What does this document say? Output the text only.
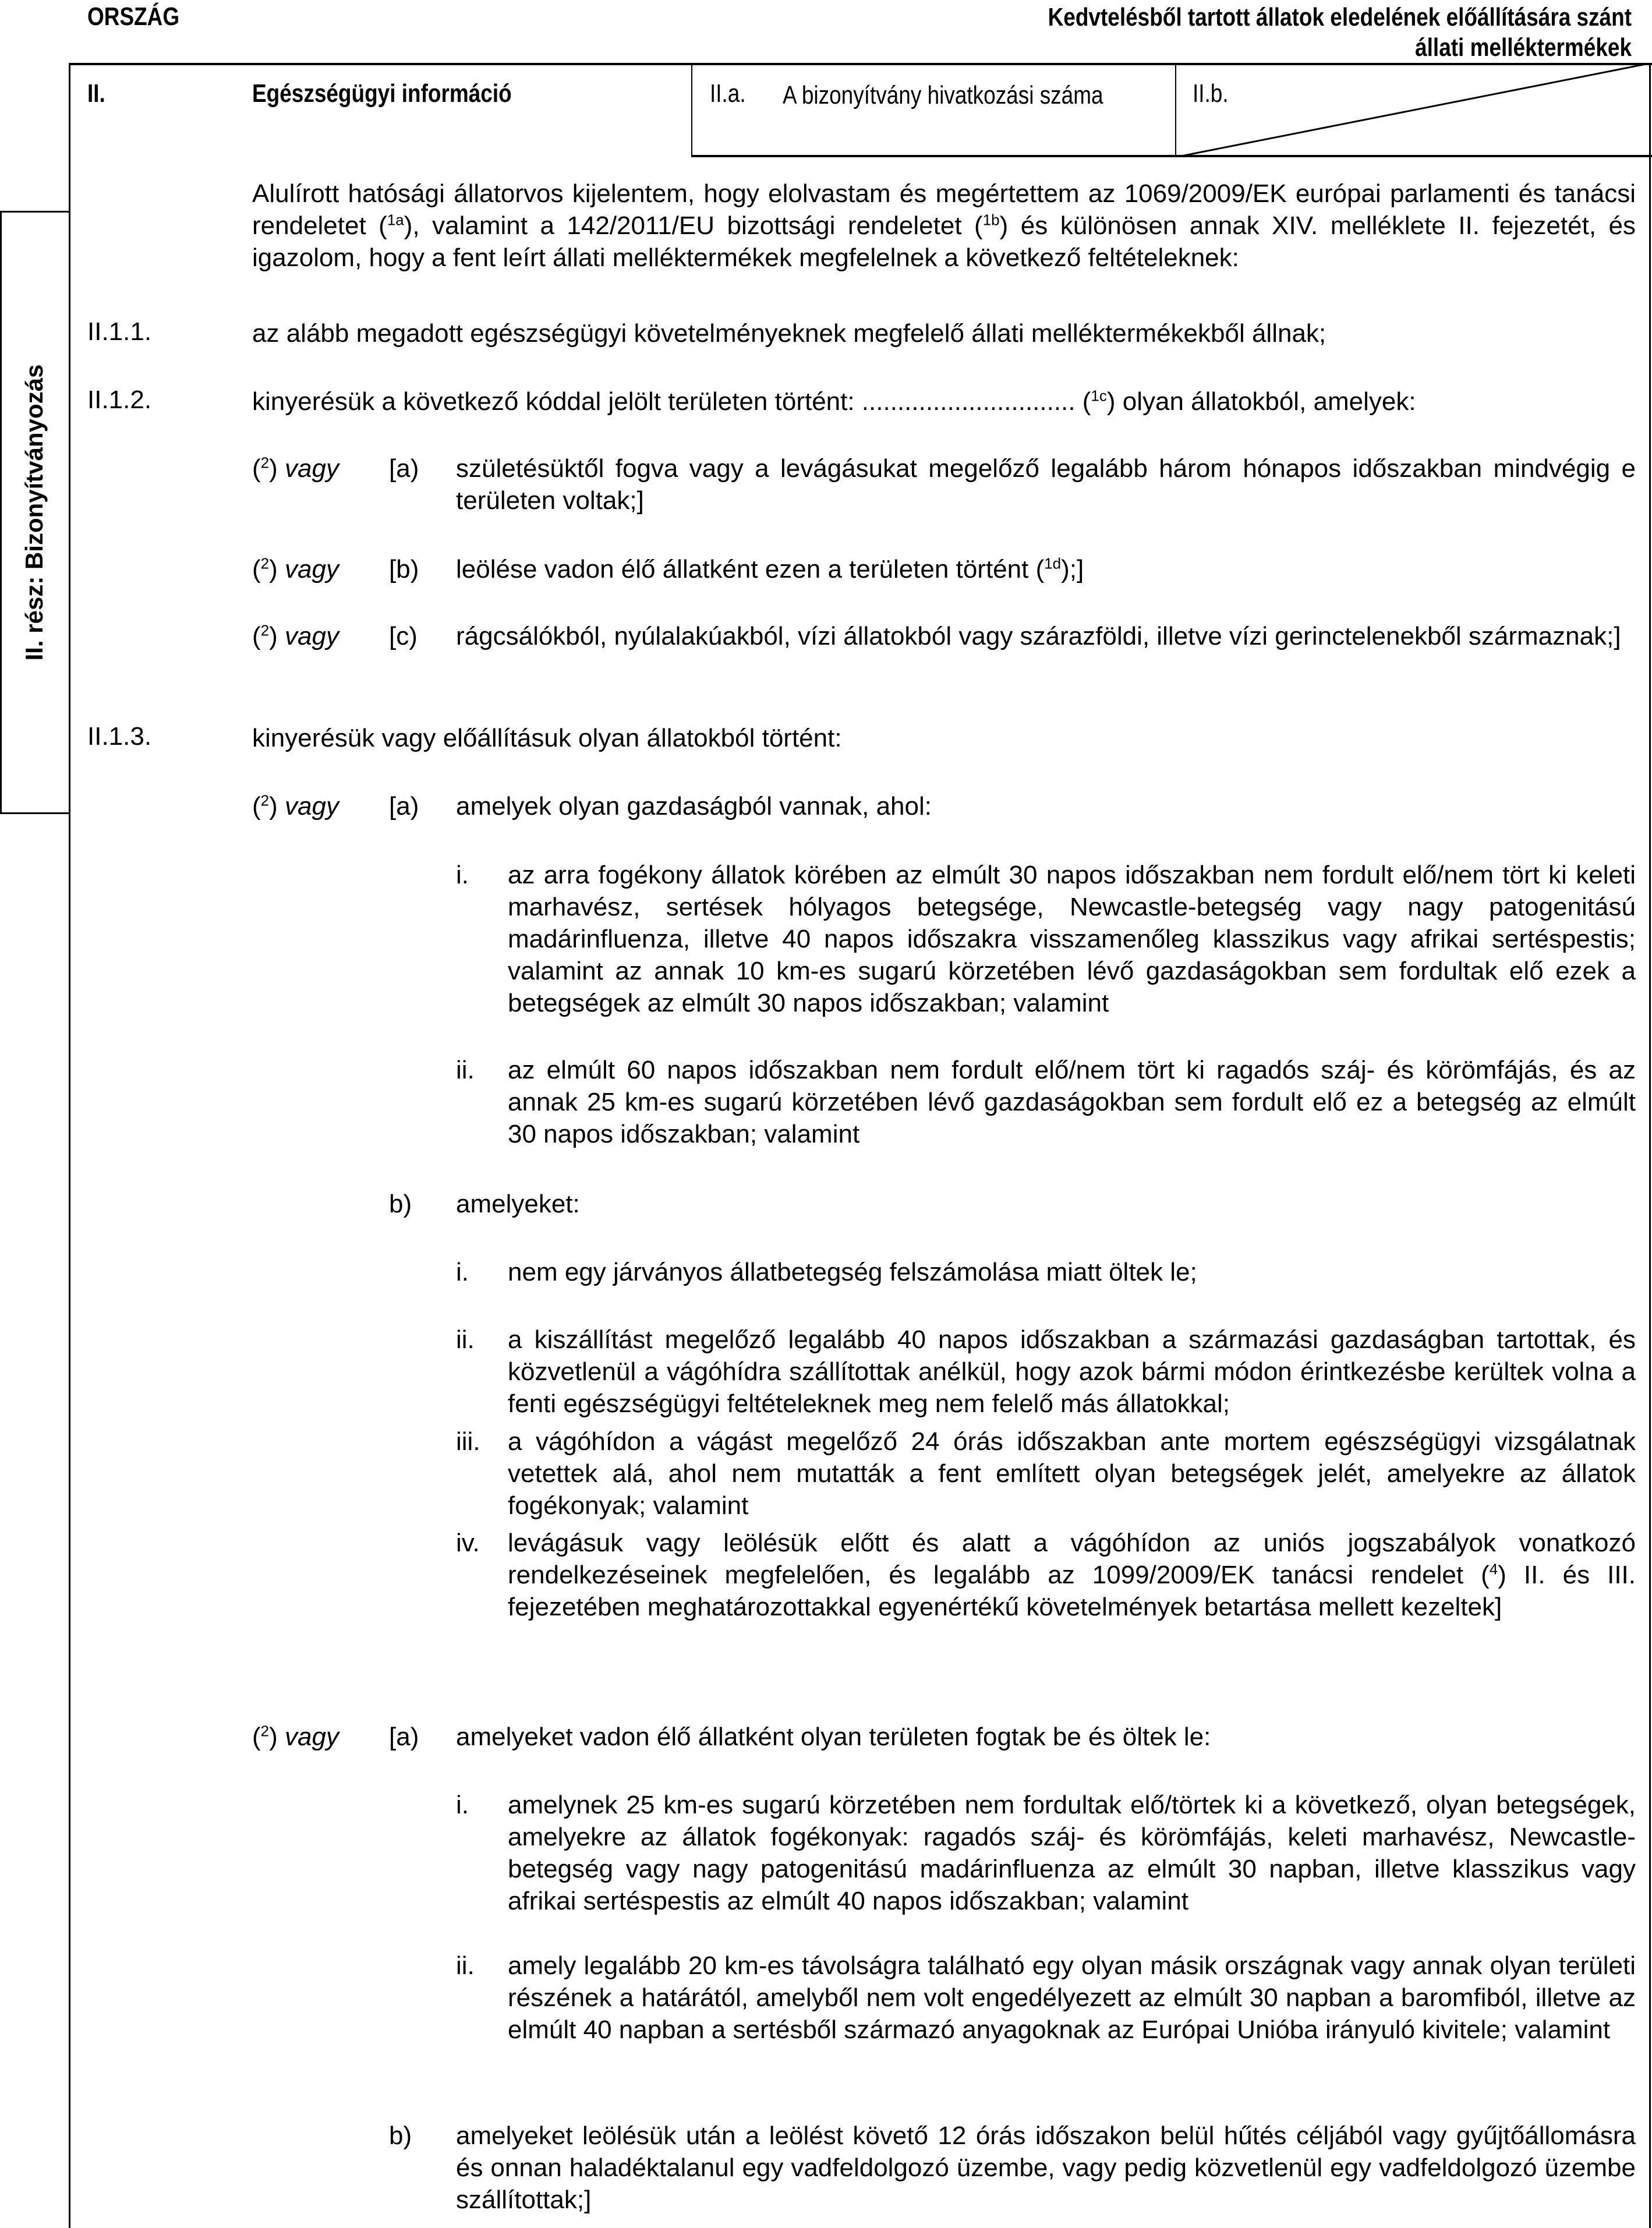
ORSZÁG	Kedvtelésből tartott állatok eledelének előállítására szánt
állati melléktermékek
II.	Egészségügyi információ	II.a. A bizonyítvány hivatkozási száma	II.b.
II. rész: Bizonyítványozás
Alulírott hatósági állatorvos kijelentem, hogy elolvastam és megértettem az 1069/2009/EK európai parlamenti és tanácsi rendeletet ($^{1a}$), valamint a 142/2011/EU bizottsági rendeletet ($^{1b}$) és különösen annak XIV. melléklete II. fejezetét, és igazolom, hogy a fent leírt állati melléktermékek megfelelnek a következő feltételeknek:
II.1.1.	az alább megadott egészségügyi követelményeknek megfelelő állati melléktermékekből állnak;
II.1.2.	kinyerésük a következő kóddal jelölt területen történt: .............................. ($^{1c}$) olyan állatokból, amelyek:
($^2$) vagy [a) születésüktől fogva vagy a levágásukat megelőző legalább három hónapos időszakban mindvégig e területen voltak;]
($^2$) vagy [b) leölése vadon élő állatként ezen a területen történt ($^{1d}$);]
($^2$) vagy [c) rágcsálókból, nyúlalakúakból, vízi állatokból vagy szárazföldi, illetve vízi gerinctelenekből származnak;]
II.1.3.	kinyerésük vagy előállításuk olyan állatokból történt:
($^2$) vagy [a) amelyek olyan gazdaságból vannak, ahol:
i. az arra fogékony állatok körében az elmúlt 30 napos időszakban nem fordult elő/nem tört ki keleti marhavész, sertések hólyagos betegsége, Newcastle-betegség vagy nagy patogenitású madárinfluenza, illetve 40 napos időszakra visszamenőleg klasszikus vagy afrikai sertéspestis; valamint az annak 10 km-es sugarú körzetében lévő gazdaságokban sem fordultak elő ezek a betegségek az elmúlt 30 napos időszakban; valamint
ii. az elmúlt 60 napos időszakban nem fordult elő/nem tört ki ragadós száj- és körömfájás, és az annak 25 km-es sugarú körzetében lévő gazdaságokban sem fordult elő ez a betegség az elmúlt 30 napos időszakban; valamint
b) amelyeket:
i. nem egy járványos állatbetegség felszámolása miatt öltek le;
ii. a kiszállítást megelőző legalább 40 napos időszakban a származási gazdaságban tartottak, és közvetlenül a vágóhídra szállítottak anélkül, hogy azok bármi módon érintkezésbe kerültek volna a fenti egészségügyi feltételeknek meg nem felelő más állatokkal;
iii. a vágóhídon a vágást megelőző 24 órás időszakban ante mortem egészségügyi vizsgálatnak vetettek alá, ahol nem mutatták a fent említett olyan betegségek jelét, amelyekre az állatok fogékonyak; valamint
iv. levágásuk vagy leölésük előtt és alatt a vágóhídon az uniós jogszabályok vonatkozó rendelkezéseinek megfelelően, és legalább az 1099/2009/EK tanácsi rendelet ($^4$) II. és III. fejezetében meghatározottakkal egyenértékű követelmények betartása mellett kezeltek]
($^2$) vagy [a) amelyeket vadon élő állatként olyan területen fogtak be és öltek le:
i. amelynek 25 km-es sugarú körzetében nem fordultak elő/törtek ki a következő, olyan betegségek, amelyekre az állatok fogékonyak: ragadós száj- és körömfájás, keleti marhavész, Newcastle-betegség vagy nagy patogenitású madárinfluenza az elmúlt 30 napban, illetve klasszikus vagy afrikai sertéspestis az elmúlt 40 napos időszakban; valamint
ii. amely legalább 20 km-es távolságra található egy olyan másik országnak vagy annak olyan területi részének a határától, amelyből nem volt engedélyezett az elmúlt 30 napban a baromfiból, illetve az elmúlt 40 napban a sertésből származó anyagoknak az Európai Unióba irányuló kivitele; valamint
b) amelyeket leölésük után a leölést követő 12 órás időszakon belül hűtés céljából vagy gyűjtőállomásra és onnan haladéktalanul egy vadfeldolgozó üzembe, vagy pedig közvetlenül egy vadfeldolgozó üzembe szállítottak;]
